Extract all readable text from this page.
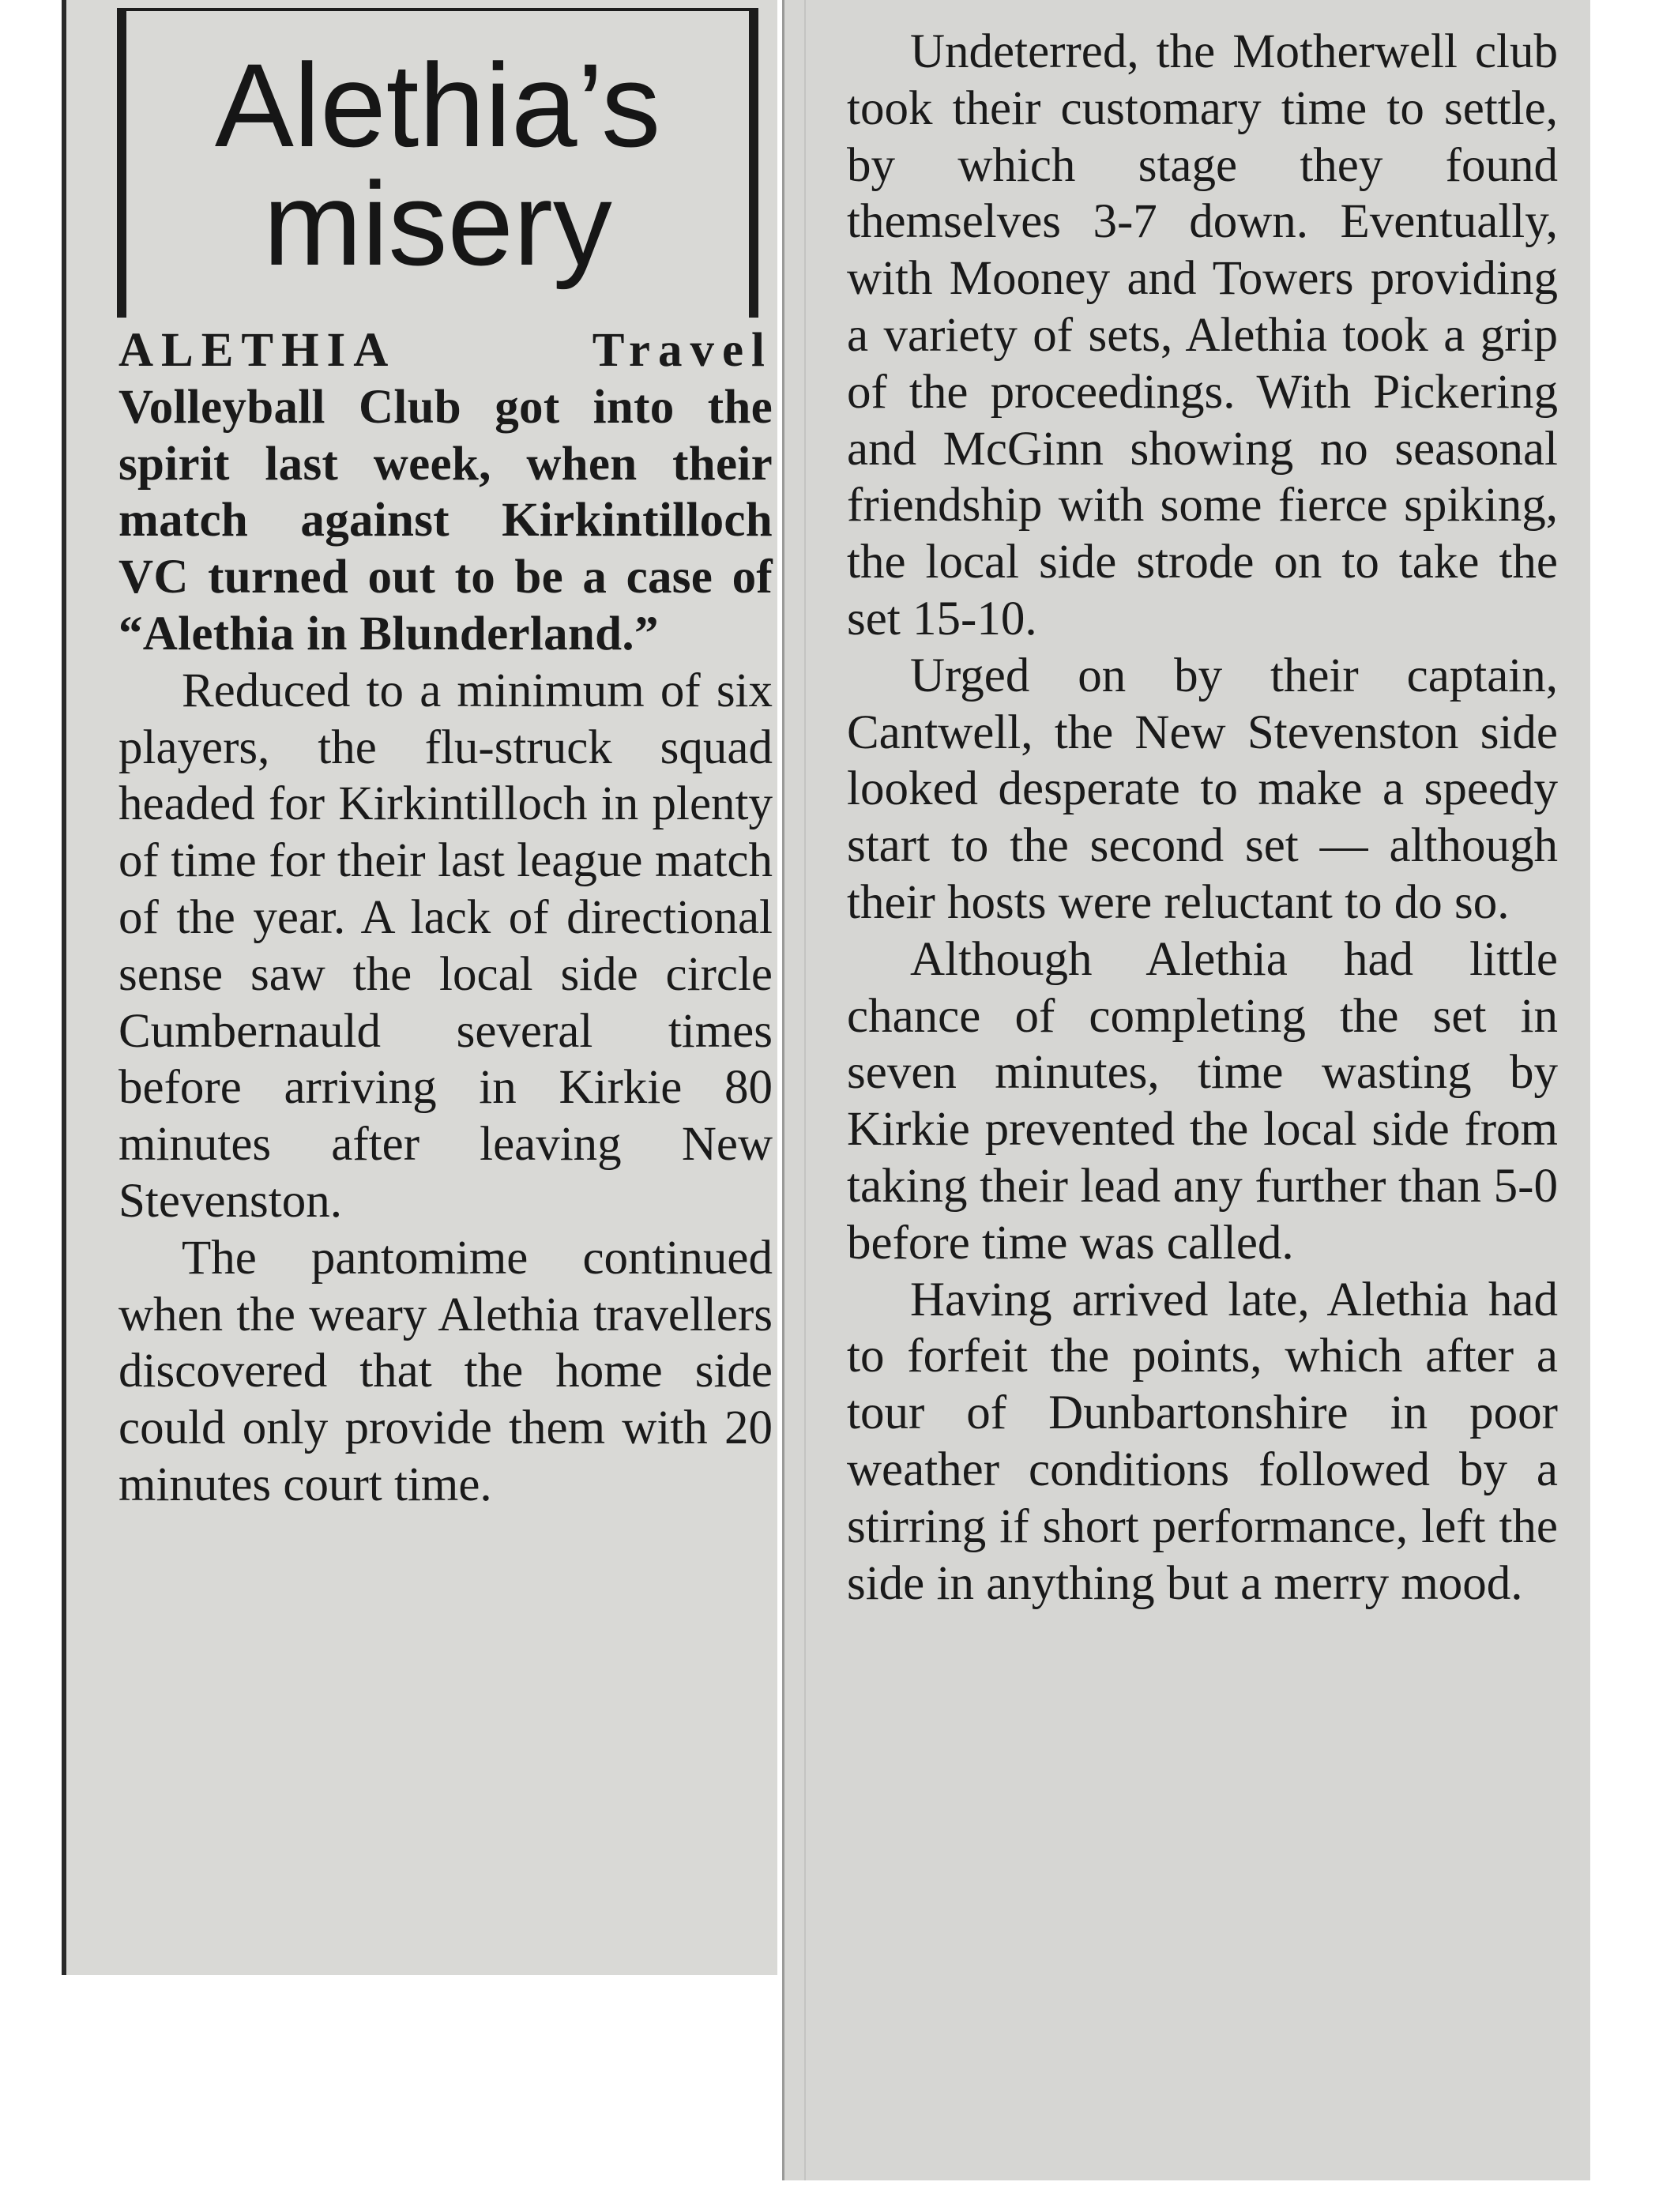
Alethia’s
misery

ALETHIA Travel Volleyball Club got into the spirit last week, when their match against Kirkintilloch VC turned out to be a case of “Alethia in Blunderland.”

Reduced to a minimum of six players, the flu-struck squad headed for Kirkintilloch in plenty of time for their last league match of the year. A lack of directional sense saw the local side circle Cumbernauld several times before arriving in Kirkie 80 minutes after leaving New Stevenston.

The pantomime continued when the weary Alethia travellers discovered that the home side could only provide them with 20 minutes court time.

Undeterred, the Motherwell club took their customary time to settle, by which stage they found themselves 3-7 down. Eventually, with Mooney and Towers providing a variety of sets, Alethia took a grip of the proceedings. With Pickering and McGinn showing no seasonal friendship with some fierce spiking, the local side strode on to take the set 15-10.

Urged on by their captain, Cantwell, the New Stevenston side looked desperate to make a speedy start to the second set — although their hosts were reluctant to do so.

Although Alethia had little chance of completing the set in seven minutes, time wasting by Kirkie prevented the local side from taking their lead any further than 5-0 before time was called.

Having arrived late, Alethia had to forfeit the points, which after a tour of Dunbartonshire in poor weather conditions followed by a stirring if short performance, left the side in anything but a merry mood.
